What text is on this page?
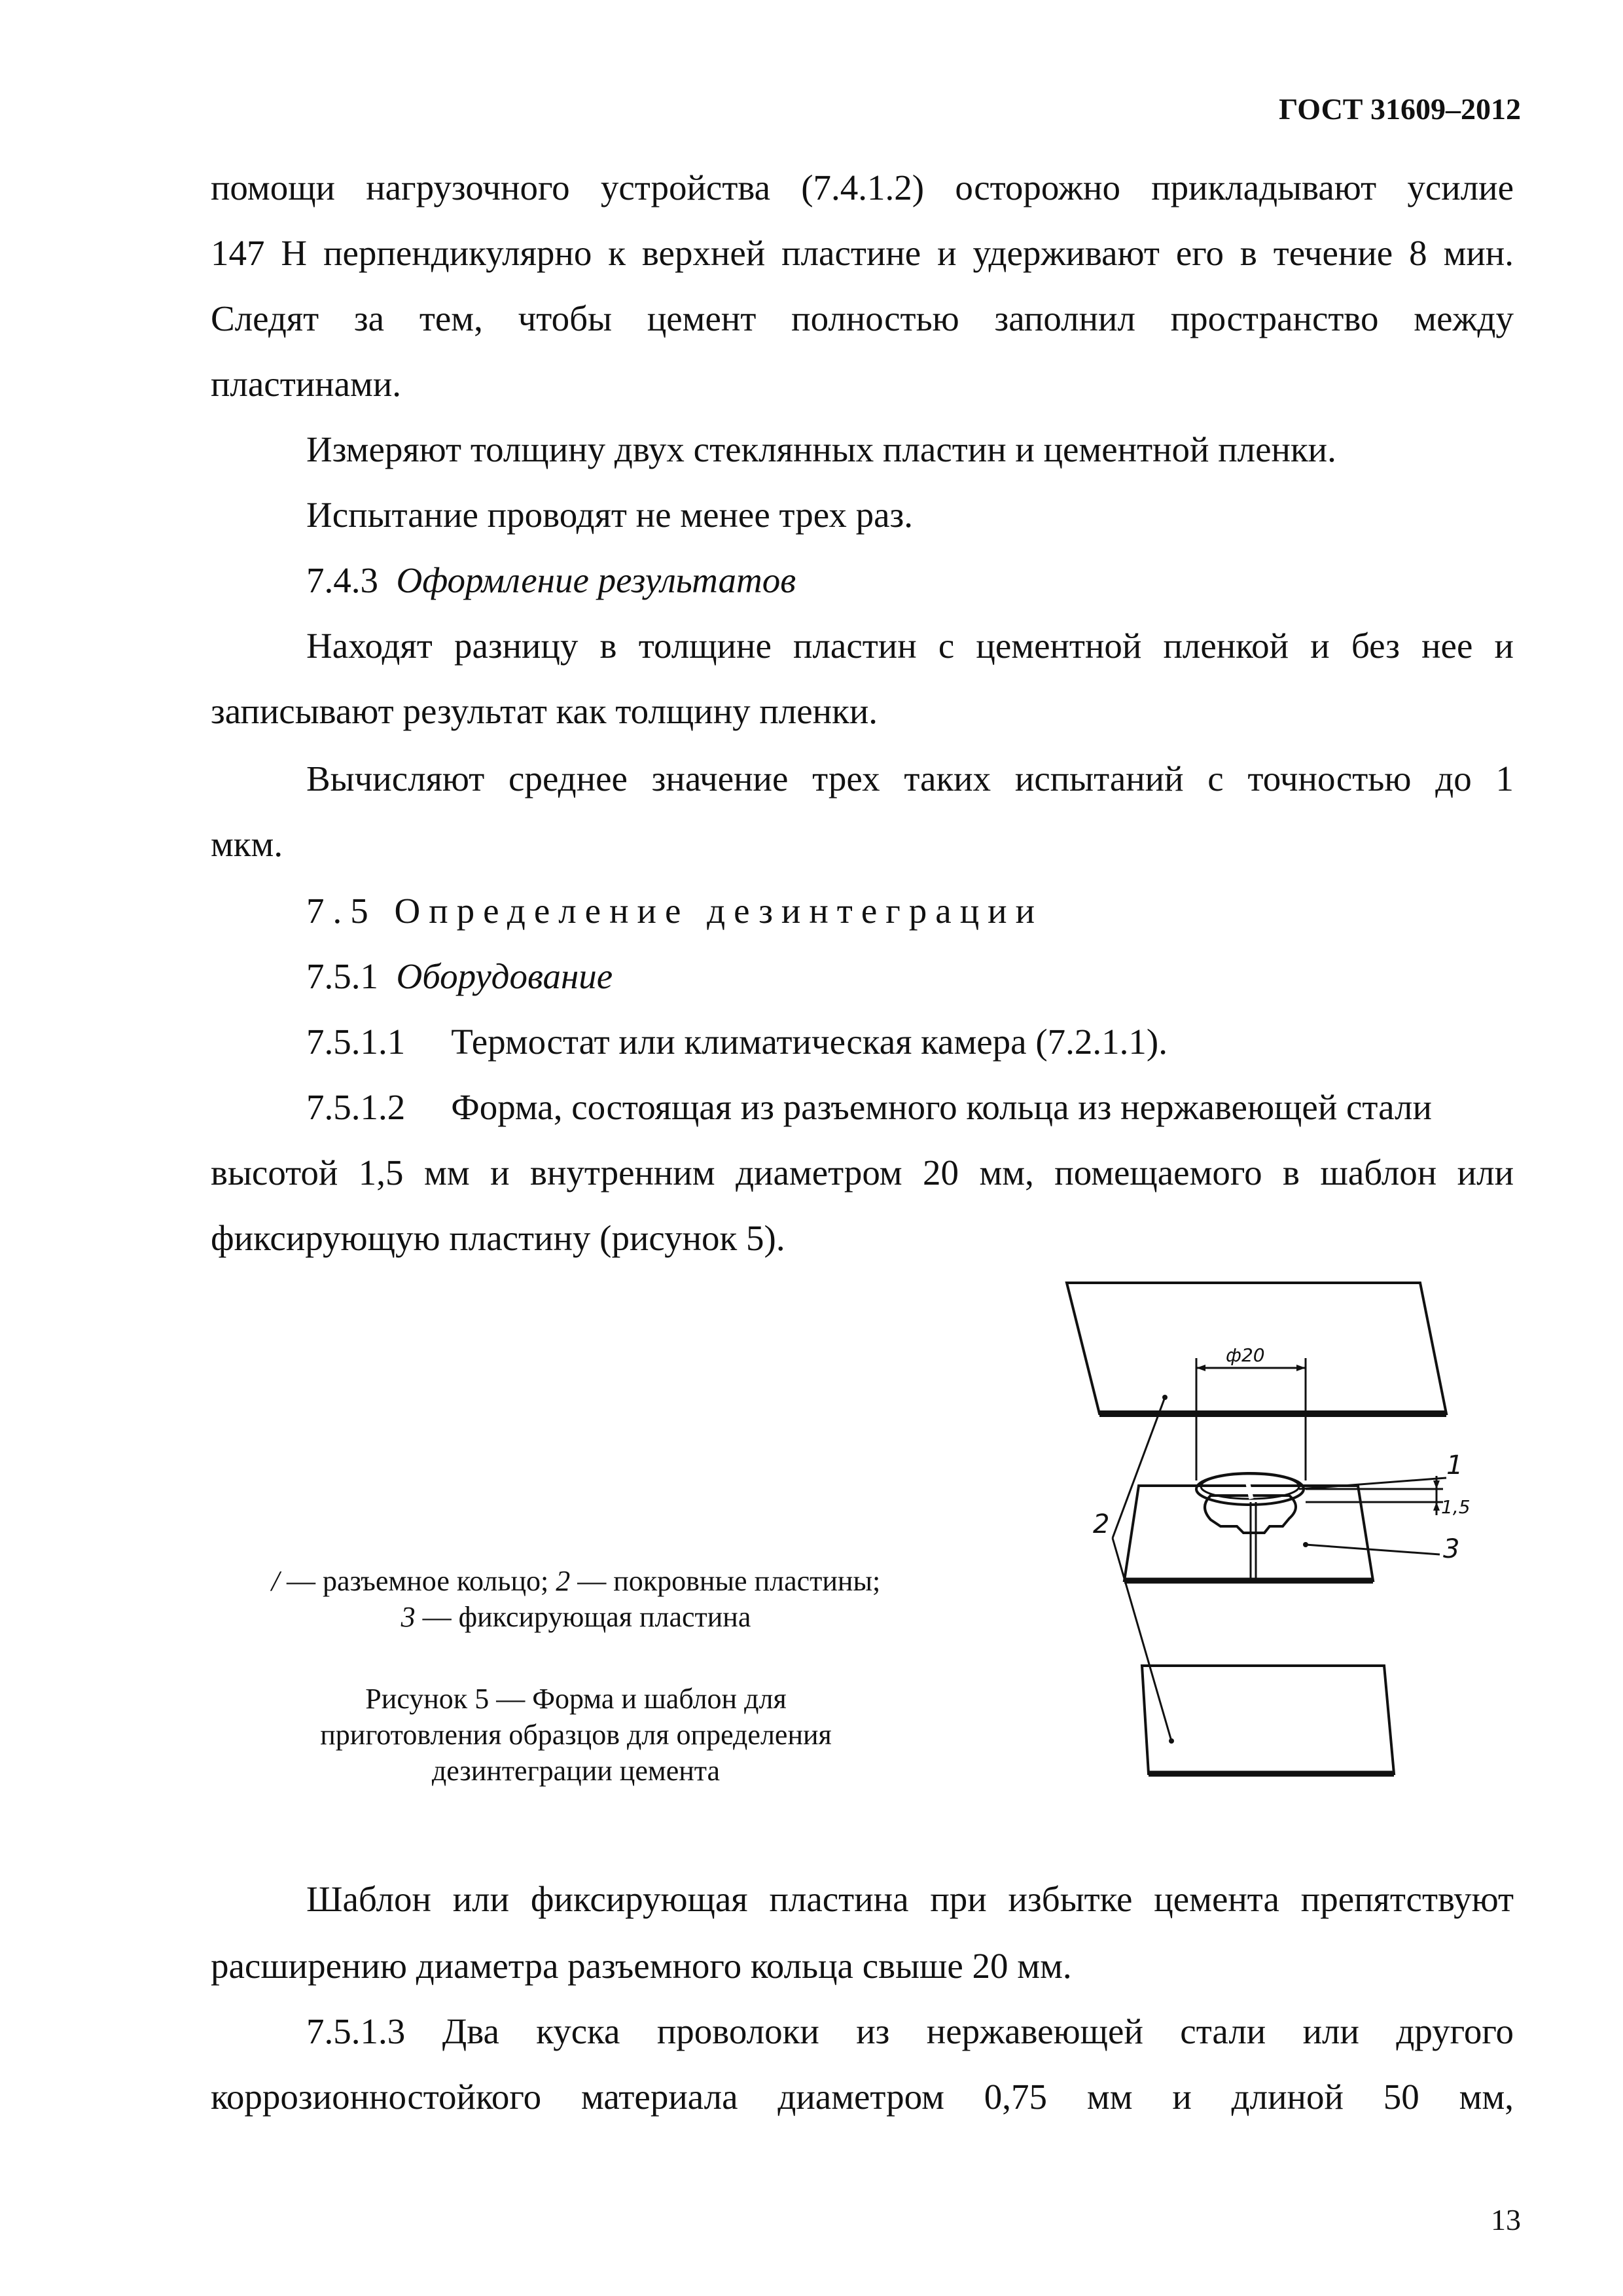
ГОСТ 31609–2012
помощи нагрузочного устройства (7.4.1.2) осторожно прикладывают усилие
147 Н перпендикулярно к верхней пластине и удерживают его в течение 8 мин.
Следят за тем, чтобы цемент полностью заполнил пространство между
пластинами.
Измеряют толщину двух стеклянных пластин и цементной пленки.
Испытание проводят не менее трех раз.
7.4.3 Оформление результатов
Находят разницу в толщине пластин с цементной пленкой и без нее и
записывают результат как толщину пленки.
Вычисляют среднее значение трех таких испытаний с точностью до 1
мкм.
7.5 Определение дезинтеграции
7.5.1 Оборудование
7.5.1.1 Термостат или климатическая камера (7.2.1.1).
7.5.1.2 Форма, состоящая из разъемного кольца из нержавеющей стали
высотой 1,5 мм и внутренним диаметром 20 мм, помещаемого в шаблон или
фиксирующую пластину (рисунок 5).
/ — разъемное кольцо; 2 — покровные пластины;
3 — фиксирующая пластина
Рисунок 5 — Форма и шаблон для
приготовления образцов для определения
дезинтеграции цемента
ф20
1,5
1
2
3
Шаблон или фиксирующая пластина при избытке цемента препятствуют
расширению диаметра разъемного кольца свыше 20 мм.
7.5.1.3 Два куска проволоки из нержавеющей стали или другого
коррозионностойкого материала диаметром 0,75 мм и длиной 50 мм,
13
